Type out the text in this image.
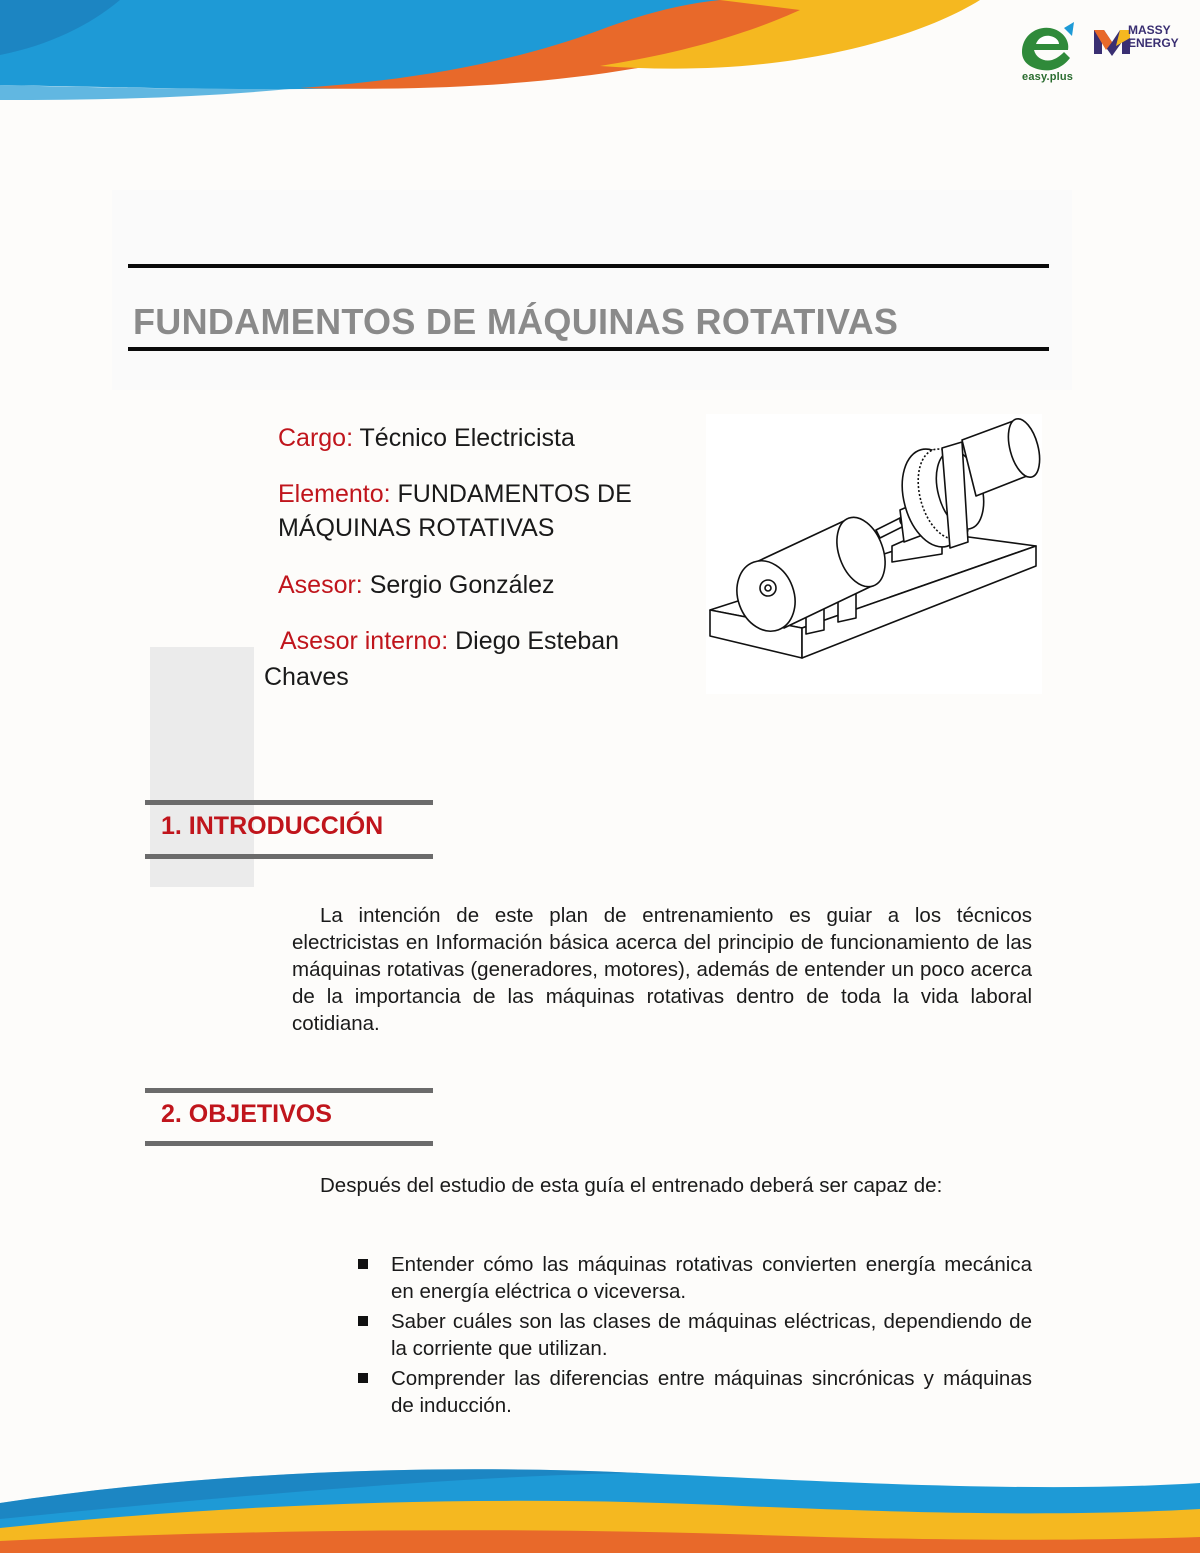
easy.plus
MASSY
ENERGY
FUNDAMENTOS DE MÁQUINAS ROTATIVAS
Cargo: Técnico Electricista
Elemento: FUNDAMENTOS DE
MÁQUINAS ROTATIVAS
Asesor: Sergio González
Asesor interno: Diego Esteban
Chaves
1. INTRODUCCIÓN

La intención de este plan de entrenamiento es guiar a los técnicos electricistas en Información básica acerca del principio de funcionamiento de las máquinas rotativas (generadores, motores), además de entender un poco acerca de la importancia de las máquinas rotativas dentro de toda la vida laboral cotidiana.

2. OBJETIVOS

Después del estudio de esta guía el entrenado deberá ser capaz de:

Entender cómo las máquinas rotativas convierten energía mecánica en energía eléctrica o viceversa.
Saber cuáles son las clases de máquinas eléctricas, dependiendo de la corriente que utilizan.
Comprender las diferencias entre máquinas sincrónicas y máquinas de inducción.
